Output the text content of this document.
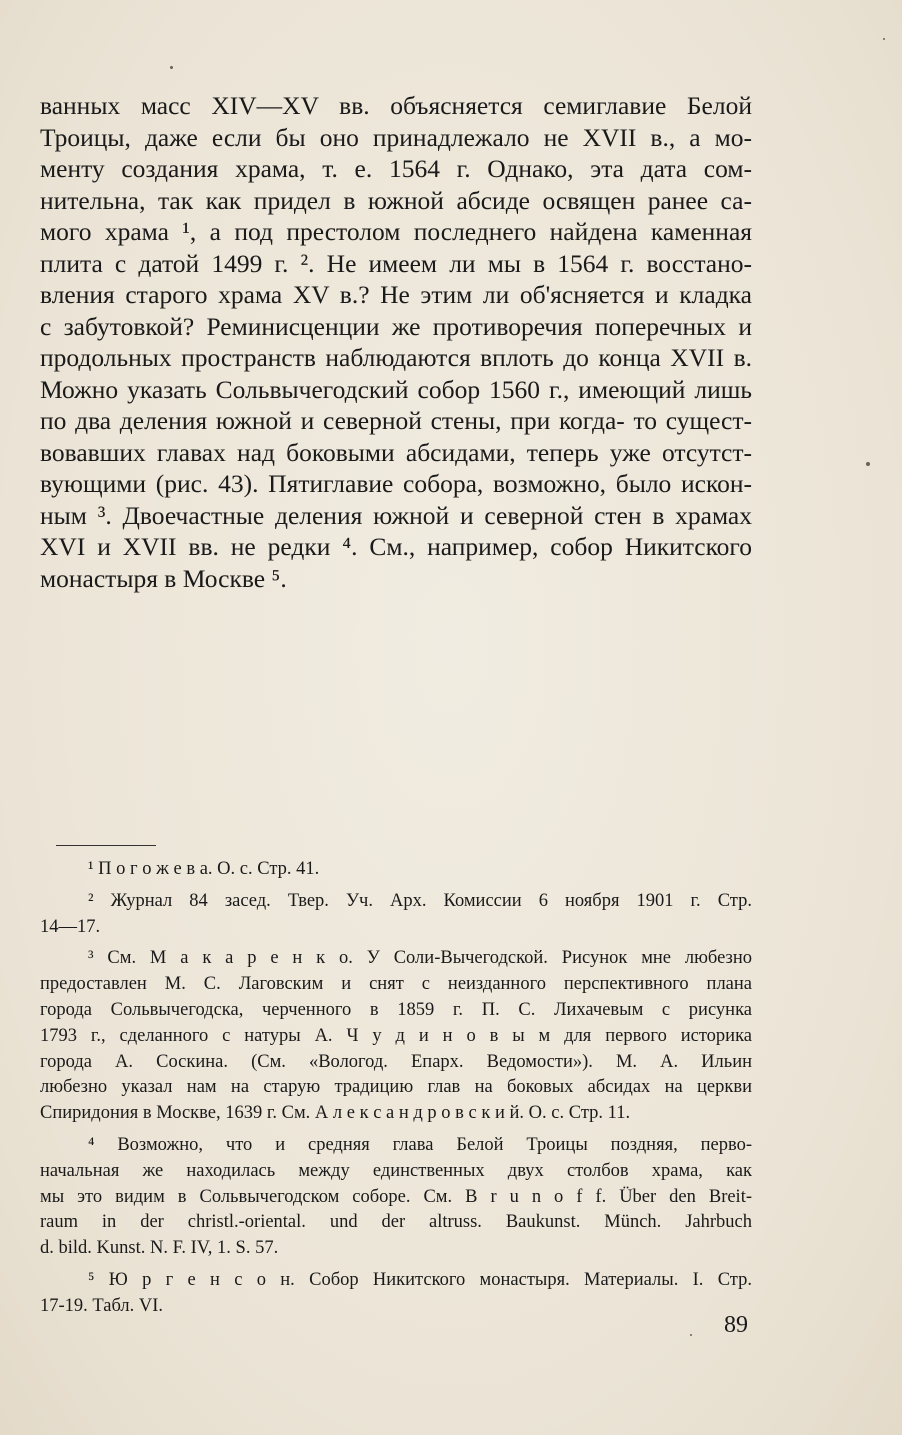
ванных масс XIV—XV вв. объясняется семиглавие Белой
Троицы, даже если бы оно принадлежало не XVII в., а мо-
менту создания храма, т. е. 1564 г. Однако, эта дата сом-
нительна, так как придел в южной абсиде освящен ранее са-
мого храма ¹, а под престолом последнего найдена каменная
плита с датой 1499 г. ². Не имеем ли мы в 1564 г. восстано-
вления старого храма XV в.? Не этим ли об'ясняется и кладка
с забутовкой? Реминисценции же противоречия поперечных и
продольных пространств наблюдаются вплоть до конца XVII в.
Можно указать Сольвычегодский собор 1560 г., имеющий лишь
по два деления южной и северной стены, при когда- то сущест-
вовавших главах над боковыми абсидами, теперь уже отсутст-
вующими (рис. 43). Пятиглавие собора, возможно, было искон-
ным ³. Двоечастные деления южной и северной стен в храмах
XVI и XVII вв. не редки ⁴. См., например, собор Никитского
монастыря в Москве ⁵.
¹ П о г о ж е в а. О. с. Стр. 41.
² Журнал 84 засед. Твер. Уч. Арх. Комиссии 6 ноября 1901 г. Стр.
14—17.
³ См. М а к а р е н к о. У Соли-Вычегодской. Рисунок мне любезно
предоставлен М. С. Лаговским и снят с неизданного перспективного плана
города Сольвычегодска, черченного в 1859 г. П. С. Лихачевым с рисунка
1793 г., сделанного с натуры А. Ч у д и н о в ы м для первого историка
города А. Соскина. (См. «Вологод. Епарх. Ведомости»). М. А. Ильин
любезно указал нам на старую традицию глав на боковых абсидах на церкви
Спиридония в Москве, 1639 г. См. А л е к с а н д р о в с к и й. О. с. Стр. 11.
⁴ Возможно, что и средняя глава Белой Троицы поздняя, перво-
начальная же находилась между единственных двух столбов храма, как
мы это видим в Сольвычегодском соборе. См. B r u n o f f. Über den Breit-
raum in der christl.-oriental. und der altruss. Baukunst. Münch. Jahrbuch
d. bild. Kunst. N. F. IV, 1. S. 57.
⁵ Ю р г е н с о н. Собор Никитского монастыря. Материалы. I. Стр.
17-19. Табл. VI.
89
